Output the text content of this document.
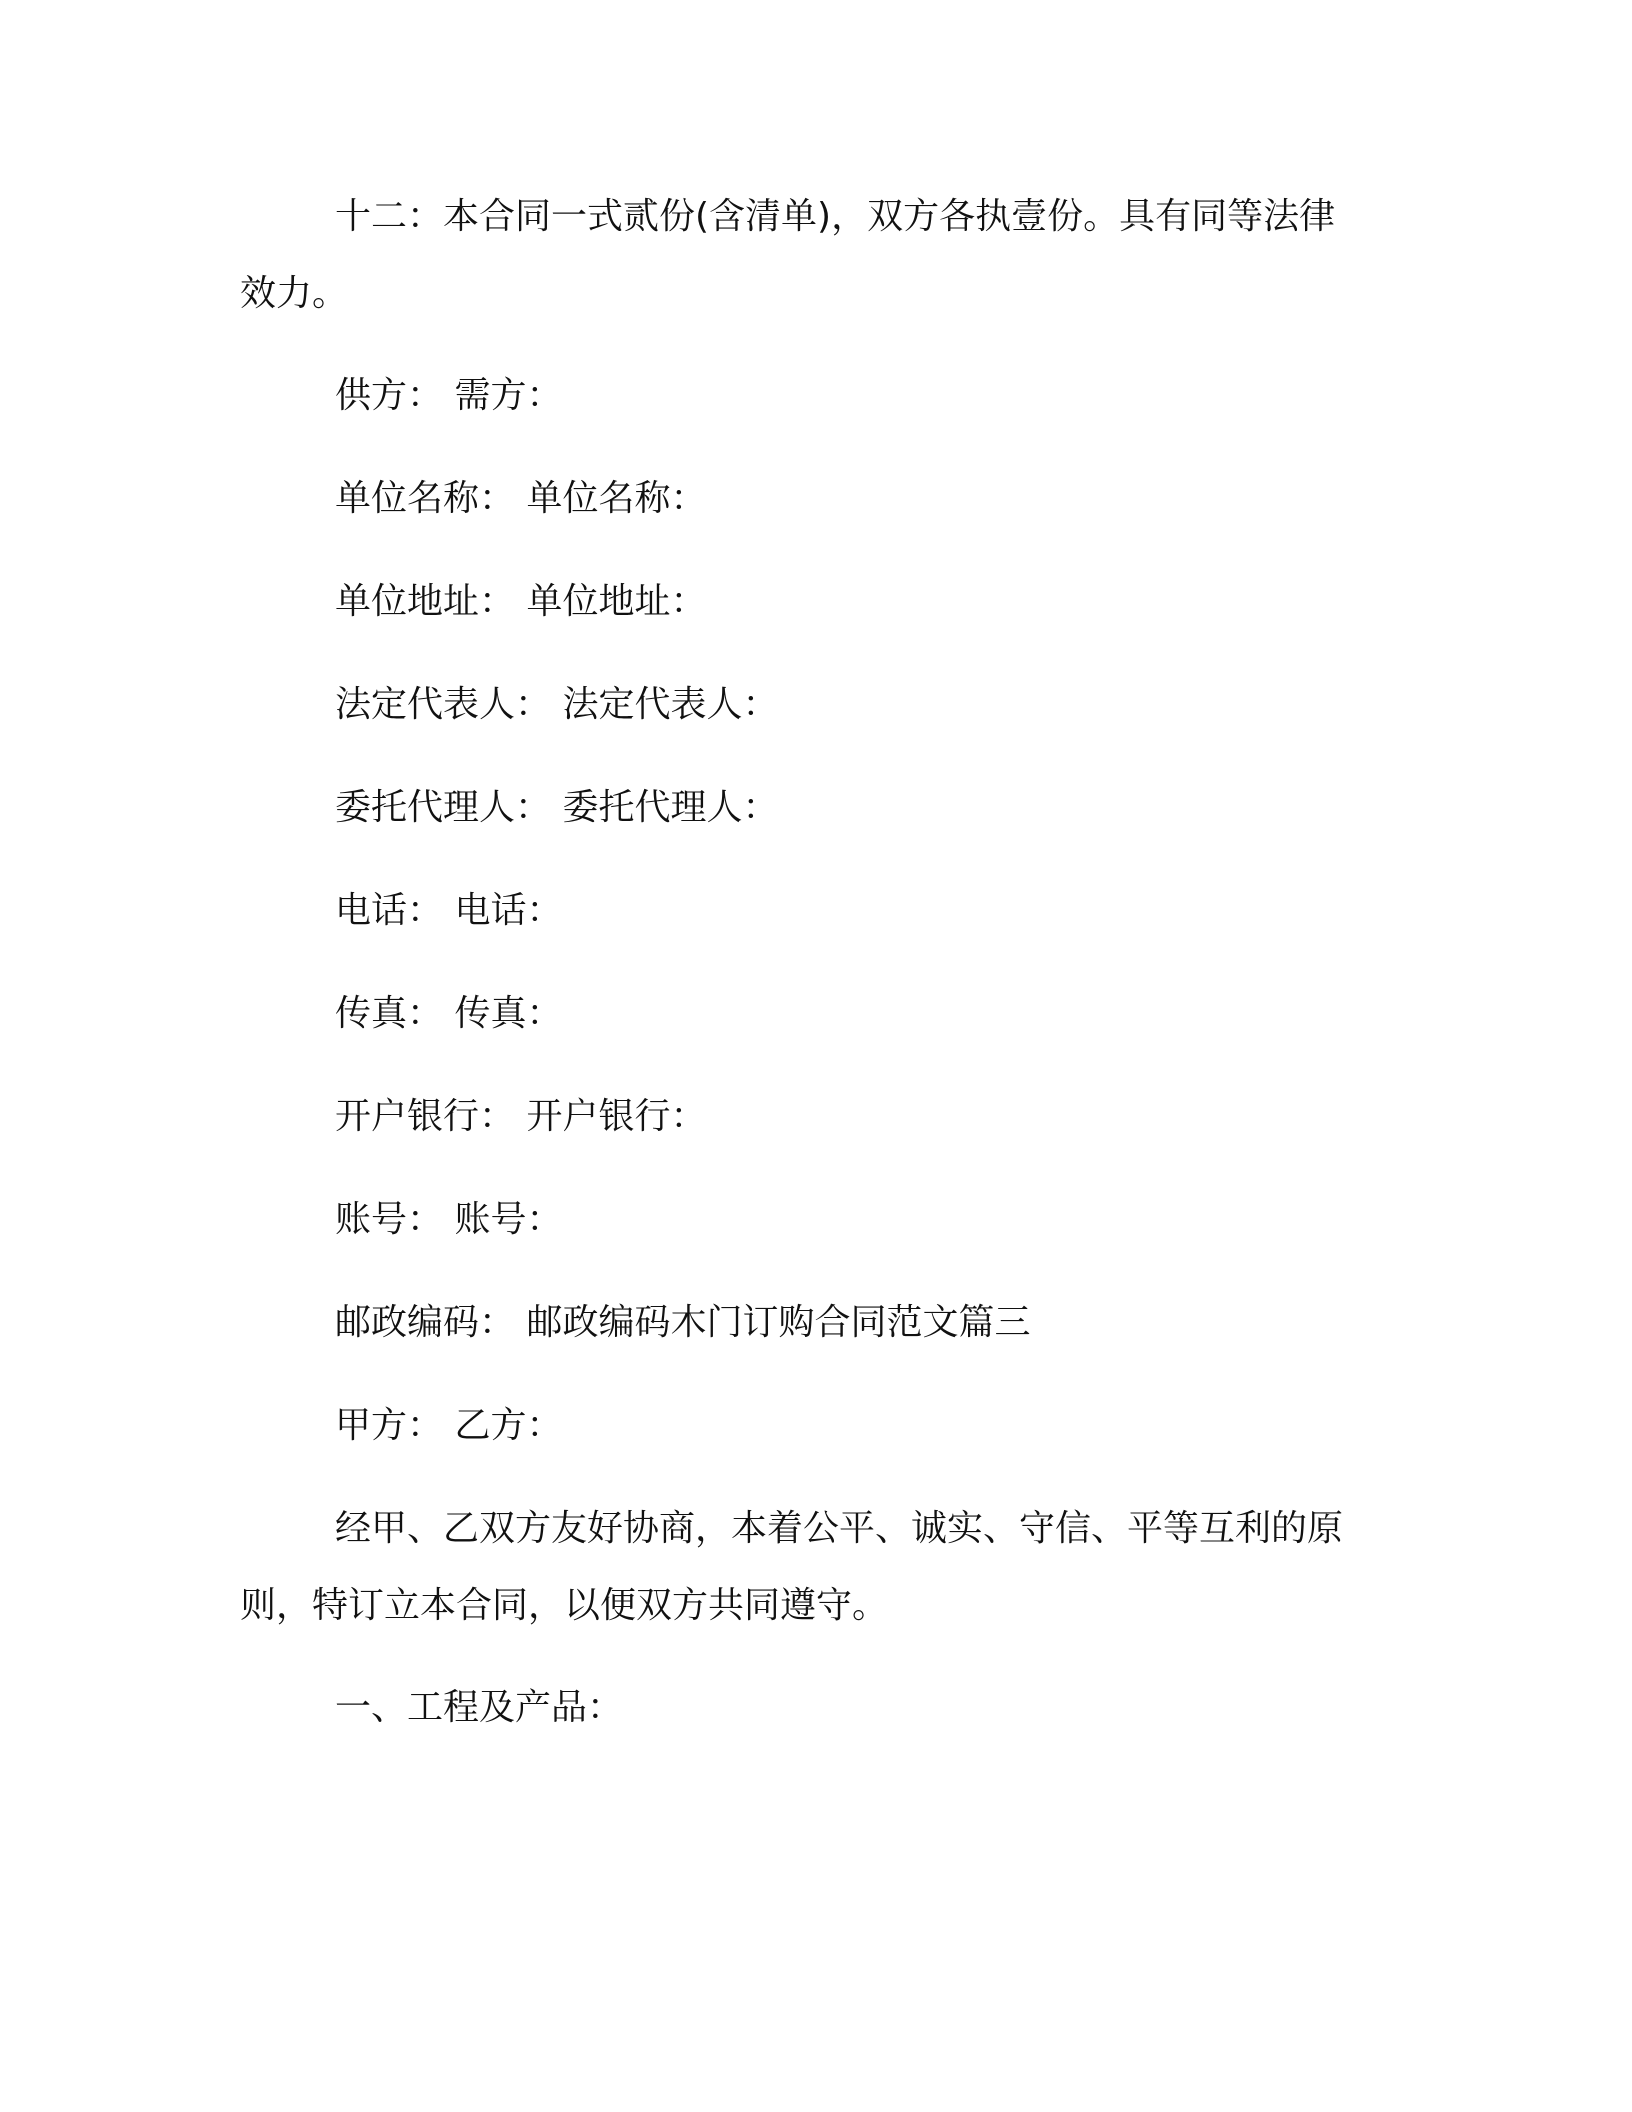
十二：本合同一式贰份(含清单)，双方各执壹份。具有同等法律
效力。

供方： 需方：

单位名称： 单位名称：

单位地址： 单位地址：

法定代表人： 法定代表人：

委托代理人： 委托代理人：

电话： 电话：

传真： 传真：

开户银行： 开户银行：

账号： 账号：

邮政编码： 邮政编码木门订购合同范文篇三

甲方： 乙方：

经甲、乙双方友好协商，本着公平、诚实、守信、平等互利的原
则，特订立本合同，以便双方共同遵守。

一、工程及产品：
